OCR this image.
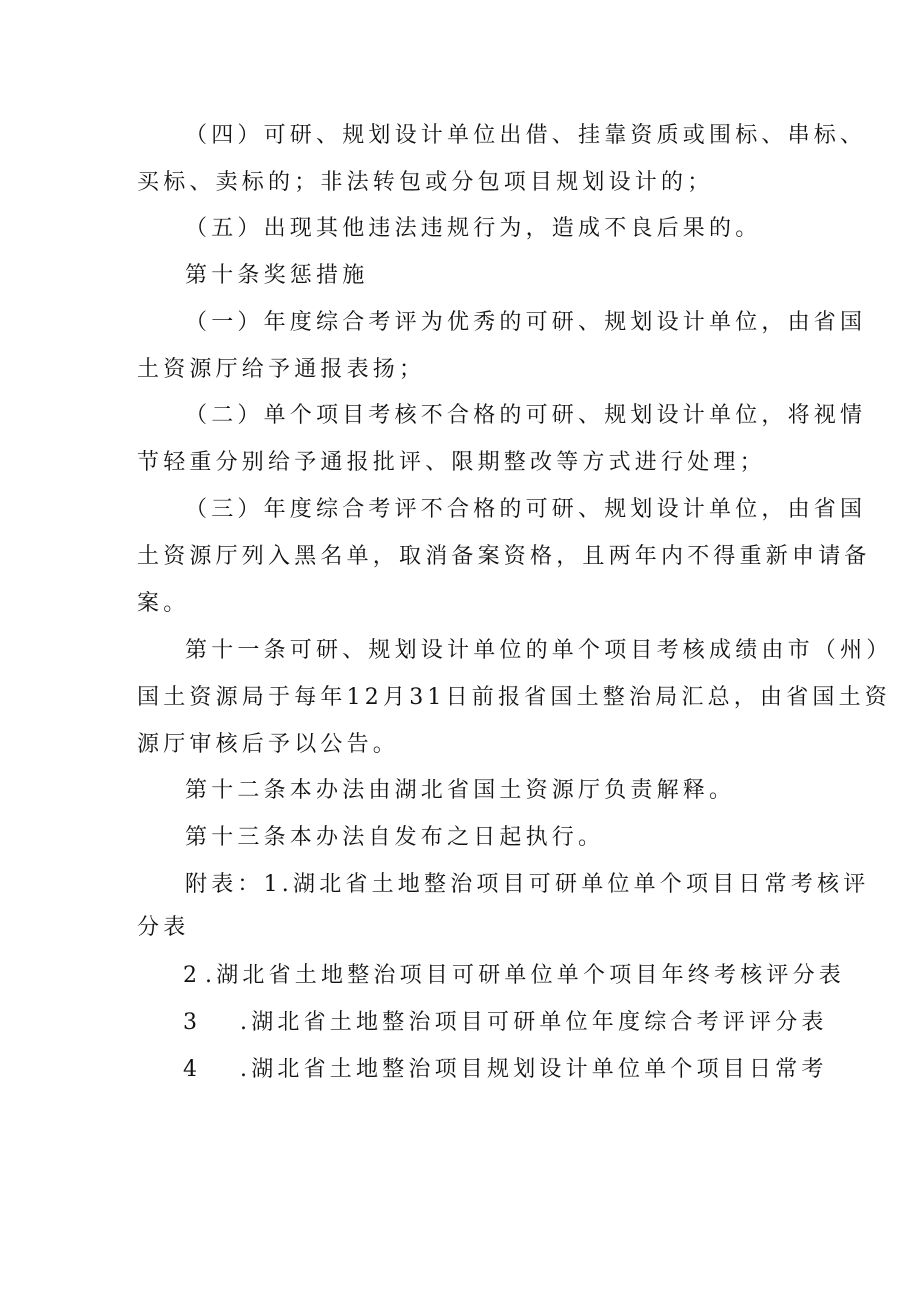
（四）可研、规划设计单位出借、挂靠资质或围标、串标、
买标、卖标的；非法转包或分包项目规划设计的；
（五）出现其他违法违规行为，造成不良后果的。
第十条奖惩措施
（一）年度综合考评为优秀的可研、规划设计单位，由省国
土资源厅给予通报表扬；
（二）单个项目考核不合格的可研、规划设计单位，将视情
节轻重分别给予通报批评、限期整改等方式进行处理；
（三）年度综合考评不合格的可研、规划设计单位，由省国
土资源厅列入黑名单，取消备案资格，且两年内不得重新申请备
案。
第十一条可研、规划设计单位的单个项目考核成绩由市（州）
国土资源局于每年12月31日前报省国土整治局汇总，由省国土资
源厅审核后予以公告。
第十二条本办法由湖北省国土资源厅负责解释。
第十三条本办法自发布之日起执行。
附表：1.湖北省土地整治项目可研单位单个项目日常考核评
分表
2 .湖北省土地整治项目可研单位单个项目年终考核评分表
3 .湖北省土地整治项目可研单位年度综合考评评分表
4 .湖北省土地整治项目规划设计单位单个项目日常考
